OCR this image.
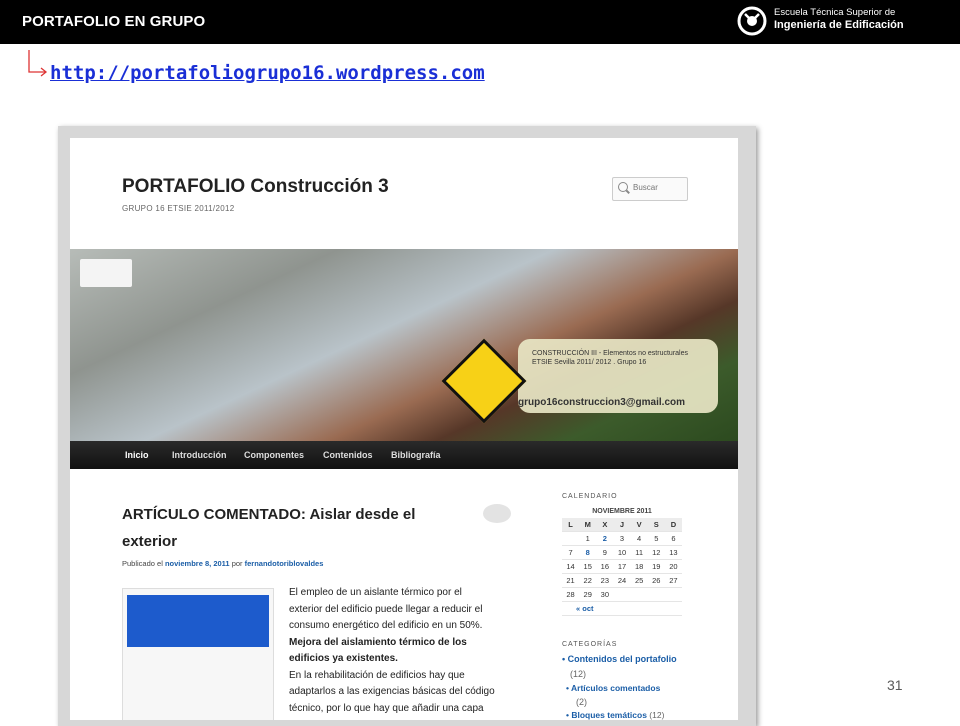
PORTAFOLIO EN GRUPO
Escuela Técnica Superior de
Ingeniería de Edificación
http://portafoliogrupo16.wordpress.com
PORTAFOLIO Construcción 3
GRUPO 16 ETSIE 2011/2012
Buscar
CONSTRUCCIÓN III - Elementos no estructurales
ETSIE Sevilla 2011/ 2012 . Grupo 16
grupo16construccion3@gmail.com
Inicio	Introducción Componentes Contenidos Bibliografía
ARTÍCULO COMENTADO: Aislar desde el exterior
Publicado el noviembre 8, 2011 por fernandotoriblovaldes
El empleo de un aislante térmico por el
exterior del edificio puede llegar a reducir el
consumo energético del edificio en un 50%.
Mejora del aislamiento térmico de los
edificios ya existentes.
En la rehabilitación de edificios hay que
adaptarlos a las exigencias básicas del código
técnico, por lo que hay que añadir una capa
CALENDARIO
NOVIEMBRE 2011
L	M	X	J	V	S	D
	1	2	3	4	5	6
7	8	9	10	11	12	13
14	15	16	17	18	19	20
21	22	23	24	25	26	27
28	29	30				
« oct						
CATEGORÍAS
• Contenidos del portafolio
(12)
• Artículos comentados
(2)
• Bloques temáticos (12)
31
